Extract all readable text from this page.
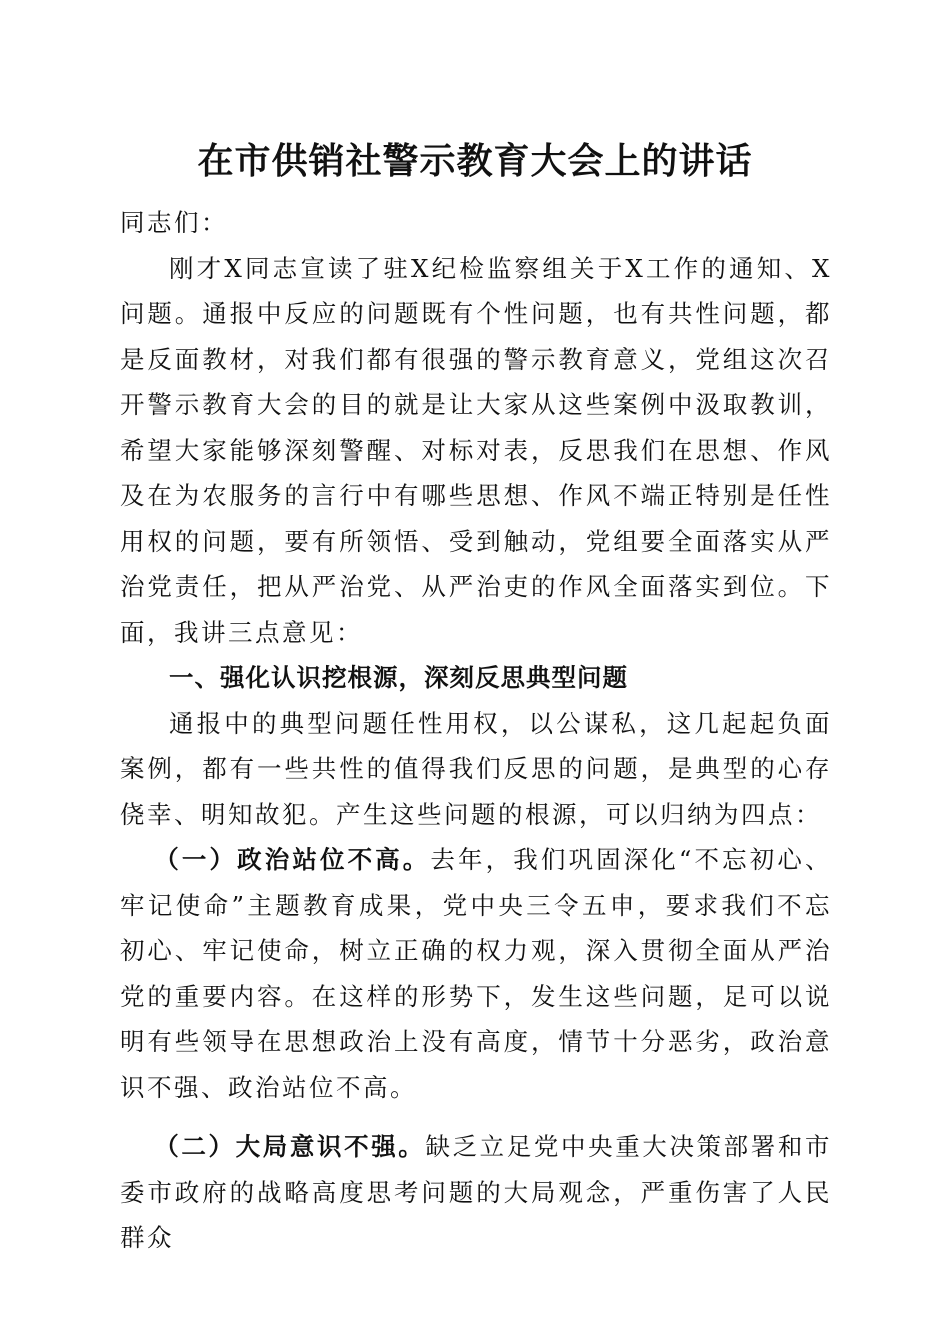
在市供销社警示教育大会上的讲话

同志们：

刚才X同志宣读了驻X纪检监察组关于X工作的通知、X问题。通报中反应的问题既有个性问题，也有共性问题，都是反面教材，对我们都有很强的警示教育意义，党组这次召开警示教育大会的目的就是让大家从这些案例中汲取教训，希望大家能够深刻警醒、对标对表，反思我们在思想、作风及在为农服务的言行中有哪些思想、作风不端正特别是任性用权的问题，要有所领悟、受到触动，党组要全面落实从严治党责任，把从严治党、从严治吏的作风全面落实到位。下面，我讲三点意见：

一、强化认识挖根源，深刻反思典型问题

通报中的典型问题任性用权，以公谋私，这几起起负面案例，都有一些共性的值得我们反思的问题，是典型的心存侥幸、明知故犯。产生这些问题的根源，可以归纳为四点：

（一）政治站位不高。去年，我们巩固深化“不忘初心、牢记使命”主题教育成果，党中央三令五申，要求我们不忘初心、牢记使命，树立正确的权力观，深入贯彻全面从严治党的重要内容。在这样的形势下，发生这些问题，足可以说明有些领导在思想政治上没有高度，情节十分恶劣，政治意识不强、政治站位不高。

（二）大局意识不强。缺乏立足党中央重大决策部署和市委市政府的战略高度思考问题的大局观念，严重伤害了人民群众
